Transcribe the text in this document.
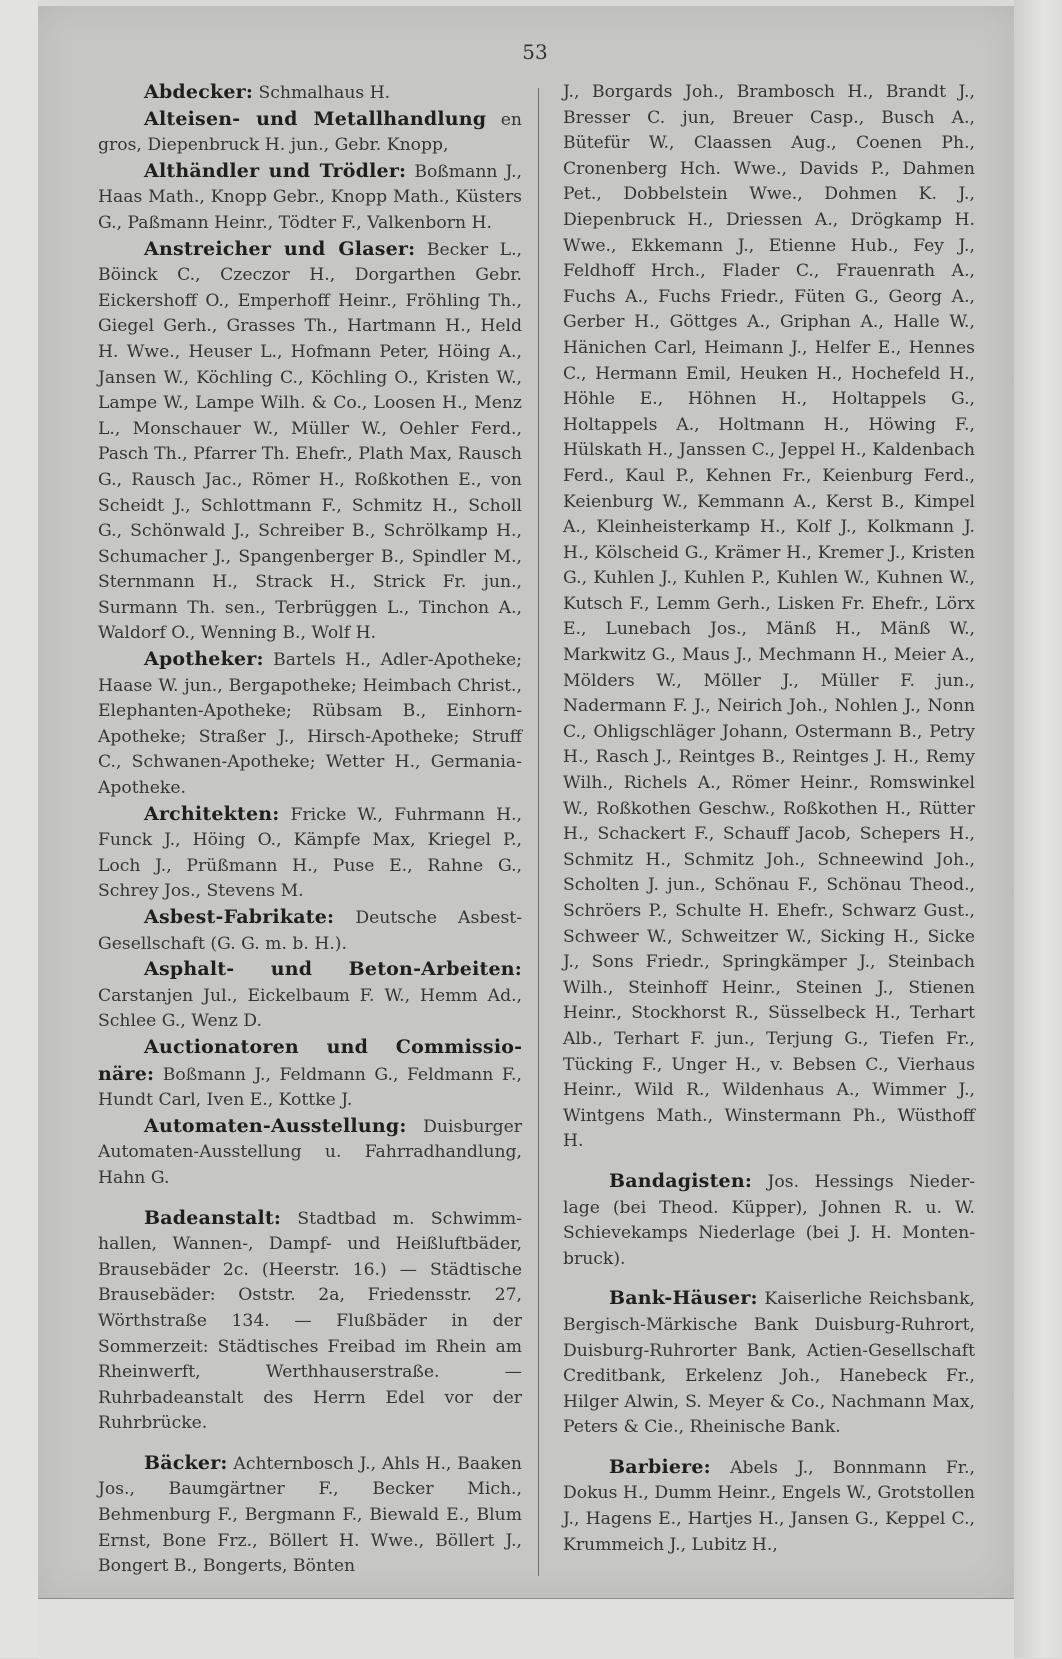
53

Abdecker: Schmalhaus H.

Alteisen- und Metallhandlung en gros, Diepenbruck H. jun., Gebr. Knopp,

Althändler und Trödler: Boßmann J., Haas Math., Knopp Gebr., Knopp Math., Küsters G., Paßmann Heinr., Tödter F., Valkenborn H.

Anstreicher und Glaser: Becker L., Böinck C., Czeczor H., Dorgarthen Gebr. Eickershoff O., Emperhoff Heinr., Fröhling Th., Giegel Gerh., Grasses Th., Hartmann H., Held H. Wwe., Heuser L., Hofmann Peter, Höing A., Jansen W., Köchling C., Köchling O., Kristen W., Lampe W., Lampe Wilh. & Co., Loosen H., Menz L., Monschauer W., Müller W., Oehler Ferd., Pasch Th., Pfarrer Th. Ehefr., Plath Max, Rausch G., Rausch Jac., Römer H., Roßkothen E., von Scheidt J., Schlottmann F., Schmitz H., Scholl G., Schönwald J., Schreiber B., Schrölkamp H., Schumacher J., Spangenberger B., Spindler M., Sternmann H., Strack H., Strick Fr. jun., Surmann Th. sen., Terbrüggen L., Tinchon A., Waldorf O., Wenning B., Wolf H.

Apotheker: Bartels H., Adler-Apotheke; Haase W. jun., Bergapotheke; Heimbach Christ., Elephanten-Apotheke; Rübsam B., Einhorn-Apotheke; Straßer J., Hirsch-Apotheke; Struff C., Schwanen-Apotheke; Wetter H., Germania-Apotheke.

Architekten: Fricke W., Fuhrmann H., Funck J., Höing O., Kämpfe Max, Kriegel P., Loch J., Prüßmann H., Puse E., Rahne G., Schrey Jos., Stevens M.

Asbest-Fabrikate: Deutsche Asbest-Gesellschaft (G. G. m. b. H.).

Asphalt- und Beton-Arbeiten: Carstanjen Jul., Eickelbaum F. W., Hemm Ad., Schlee G., Wenz D.

Auctionatoren und Commissionäre: Boßmann J., Feldmann G., Feldmann F., Hundt Carl, Iven E., Kottke J.

Automaten-Ausstellung: Duisburger Automaten-Ausstellung u. Fahrradhandlung, Hahn G.

Badeanstalt: Stadtbad m. Schwimmhallen, Wannen-, Dampf- und Heißluftbäder, Brausebäder 2c. (Heerstr. 16.) — Städtische Brausebäder: Oststr. 2a, Friedensstr. 27, Wörthstraße 134. — Flußbäder in der Sommerzeit: Städtisches Freibad im Rhein am Rheinwerft, Werthhauserstraße. — Ruhrbadeanstalt des Herrn Edel vor der Ruhrbrücke.

Bäcker: Achternbosch J., Ahls H., Baaken Jos., Baumgärtner F., Becker Mich., Behmenburg F., Bergmann F., Biewald E., Blum Ernst, Bone Frz., Böllert H. Wwe., Böllert J., Bongert B., Bongerts, Bönten

J., Borgards Joh., Brambosch H., Brandt J., Bresser C. jun, Breuer Casp., Busch A., Bütefür W., Claassen Aug., Coenen Ph., Cronenberg Hch. Wwe., Davids P., Dahmen Pet., Dobbelstein Wwe., Dohmen K. J., Diepenbruck H., Driessen A., Drögkamp H. Wwe., Ekkemann J., Etienne Hub., Fey J., Feldhoff Hrch., Flader C., Frauenrath A., Fuchs A., Fuchs Friedr., Füten G., Georg A., Gerber H., Göttges A., Griphan A., Halle W., Hänichen Carl, Heimann J., Helfer E., Hennes C., Hermann Emil, Heuken H., Hochefeld H., Höhle E., Höhnen H., Holtappels G., Holtappels A., Holtmann H., Höwing F., Hülskath H., Janssen C., Jeppel H., Kaldenbach Ferd., Kaul P., Kehnen Fr., Keienburg Ferd., Keienburg W., Kemmann A., Kerst B., Kimpel A., Kleinheisterkamp H., Kolf J., Kolkmann J. H., Kölscheid G., Krämer H., Kremer J., Kristen G., Kuhlen J., Kuhlen P., Kuhlen W., Kuhnen W., Kutsch F., Lemm Gerh., Lisken Fr. Ehefr., Lörx E., Lunebach Jos., Mänß H., Mänß W., Markwitz G., Maus J., Mechmann H., Meier A., Mölders W., Möller J., Müller F. jun., Nadermann F. J., Neirich Joh., Nohlen J., Nonn C., Ohligschläger Johann, Ostermann B., Petry H., Rasch J., Reintges B., Reintges J. H., Remy Wilh., Richels A., Römer Heinr., Romswinkel W., Roßkothen Geschw., Roßkothen H., Rütter H., Schackert F., Schauff Jacob, Schepers H., Schmitz H., Schmitz Joh., Schneewind Joh., Scholten J. jun., Schönau F., Schönau Theod., Schröers P., Schulte H. Ehefr., Schwarz Gust., Schweer W., Schweitzer W., Sicking H., Sicke J., Sons Friedr., Springkämper J., Steinbach Wilh., Steinhoff Heinr., Steinen J., Stienen Heinr., Stockhorst R., Süsselbeck H., Terhart Alb., Terhart F. jun., Terjung G., Tiefen Fr., Tücking F., Unger H., v. Bebsen C., Vierhaus Heinr., Wild R., Wildenhaus A., Wimmer J., Wintgens Math., Winstermann Ph., Wüsthoff H.

Bandagisten: Jos. Hessings Niederlage (bei Theod. Küpper), Johnen R. u. W. Schievekamps Niederlage (bei J. H. Montenbruck).

Bank-Häuser: Kaiserliche Reichsbank, Bergisch-Märkische Bank Duisburg-Ruhrort, Duisburg-Ruhrorter Bank, Actien-Gesellschaft Creditbank, Erkelenz Joh., Hanebeck Fr., Hilger Alwin, S. Meyer & Co., Nachmann Max, Peters & Cie., Rheinische Bank.

Barbiere: Abels J., Bonnmann Fr., Dokus H., Dumm Heinr., Engels W., Grotstollen J., Hagens E., Hartjes H., Jansen G., Keppel C., Krummeich J., Lubitz H.,
